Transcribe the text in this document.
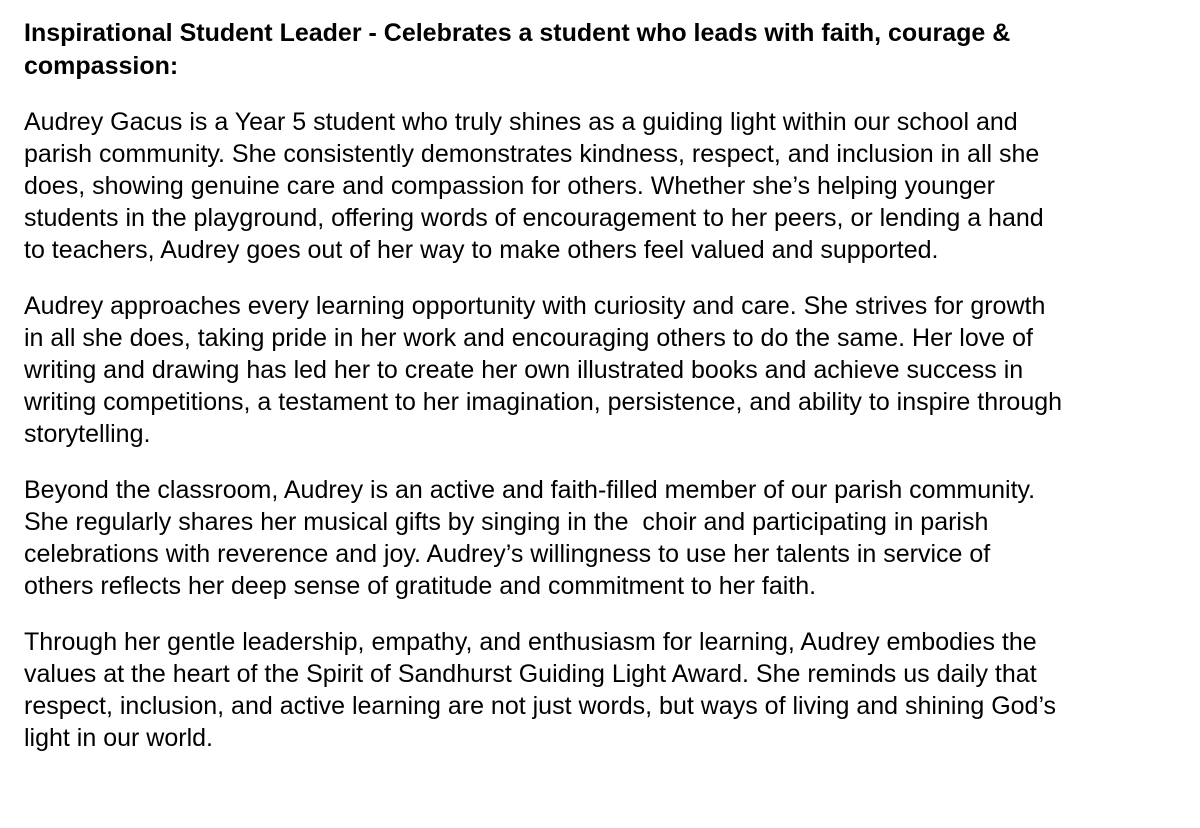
Inspirational Student Leader - Celebrates a student who leads with faith, courage &
compassion:
Audrey Gacus is a Year 5 student who truly shines as a guiding light within our school and
parish community. She consistently demonstrates kindness, respect, and inclusion in all she
does, showing genuine care and compassion for others. Whether she’s helping younger
students in the playground, offering words of encouragement to her peers, or lending a hand
to teachers, Audrey goes out of her way to make others feel valued and supported.
Audrey approaches every learning opportunity with curiosity and care. She strives for growth
in all she does, taking pride in her work and encouraging others to do the same. Her love of
writing and drawing has led her to create her own illustrated books and achieve success in
writing competitions, a testament to her imagination, persistence, and ability to inspire through
storytelling.
Beyond the classroom, Audrey is an active and faith-filled member of our parish community.
She regularly shares her musical gifts by singing in the  choir and participating in parish
celebrations with reverence and joy. Audrey’s willingness to use her talents in service of
others reflects her deep sense of gratitude and commitment to her faith.
Through her gentle leadership, empathy, and enthusiasm for learning, Audrey embodies the
values at the heart of the Spirit of Sandhurst Guiding Light Award. She reminds us daily that
respect, inclusion, and active learning are not just words, but ways of living and shining God’s
light in our world.
